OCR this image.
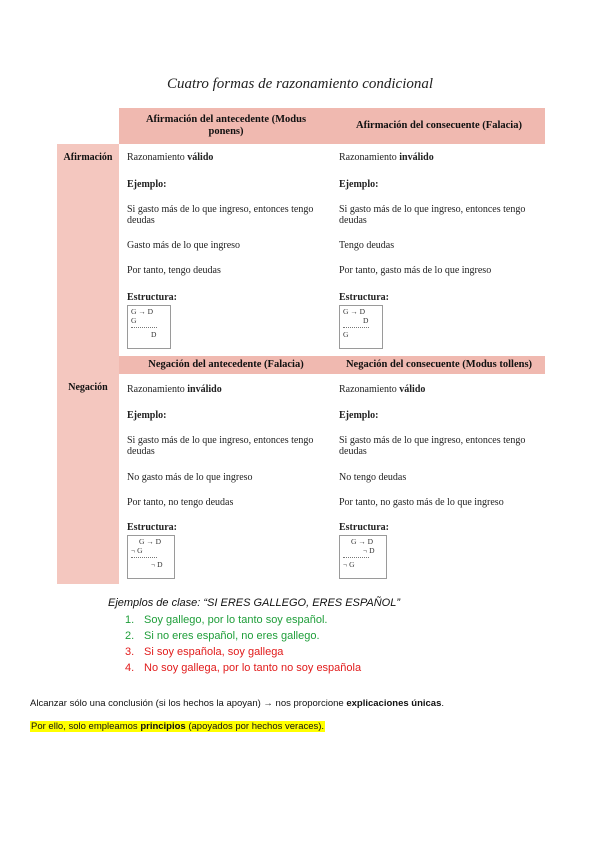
Cuatro formas de razonamiento condicional
Afirmación
Negación
Afirmación del antecedente (Modus ponens)
Afirmación del consecuente (Falacia)
Negación del antecedente (Falacia)	Negación del consecuente (Modus tollens)
Razonamiento válido
Ejemplo:
Si gasto más de lo que ingreso, entonces tengo deudas
Gasto más de lo que ingreso
Por tanto, tengo deudas
Estructura:
G → D
G
D
Razonamiento inválido
Ejemplo:
Si gasto más de lo que ingreso, entonces tengo deudas
Tengo deudas
Por tanto, gasto más de lo que ingreso
Estructura:
G → D
D
G
Razonamiento inválido
Ejemplo:
Si gasto más de lo que ingreso, entonces tengo deudas
No gasto más de lo que ingreso
Por tanto, no tengo deudas
Estructura:
G → D
¬ G
¬ D
Razonamiento válido
Ejemplo:
Si gasto más de lo que ingreso, entonces tengo deudas
No tengo deudas
Por tanto, no gasto más de lo que ingreso
Estructura:
G → D
¬ D
¬ G
Ejemplos de clase: “SI ERES GALLEGO, ERES ESPAÑOL”
1. Soy gallego, por lo tanto soy español.
2. Si no eres español, no eres gallego.
3. Si soy española, soy gallega
4. No soy gallega, por lo tanto no soy española
Alcanzar sólo una conclusión (si los hechos la apoyan) → nos proporcione explicaciones únicas.
Por ello, solo empleamos principios (apoyados por hechos veraces).
